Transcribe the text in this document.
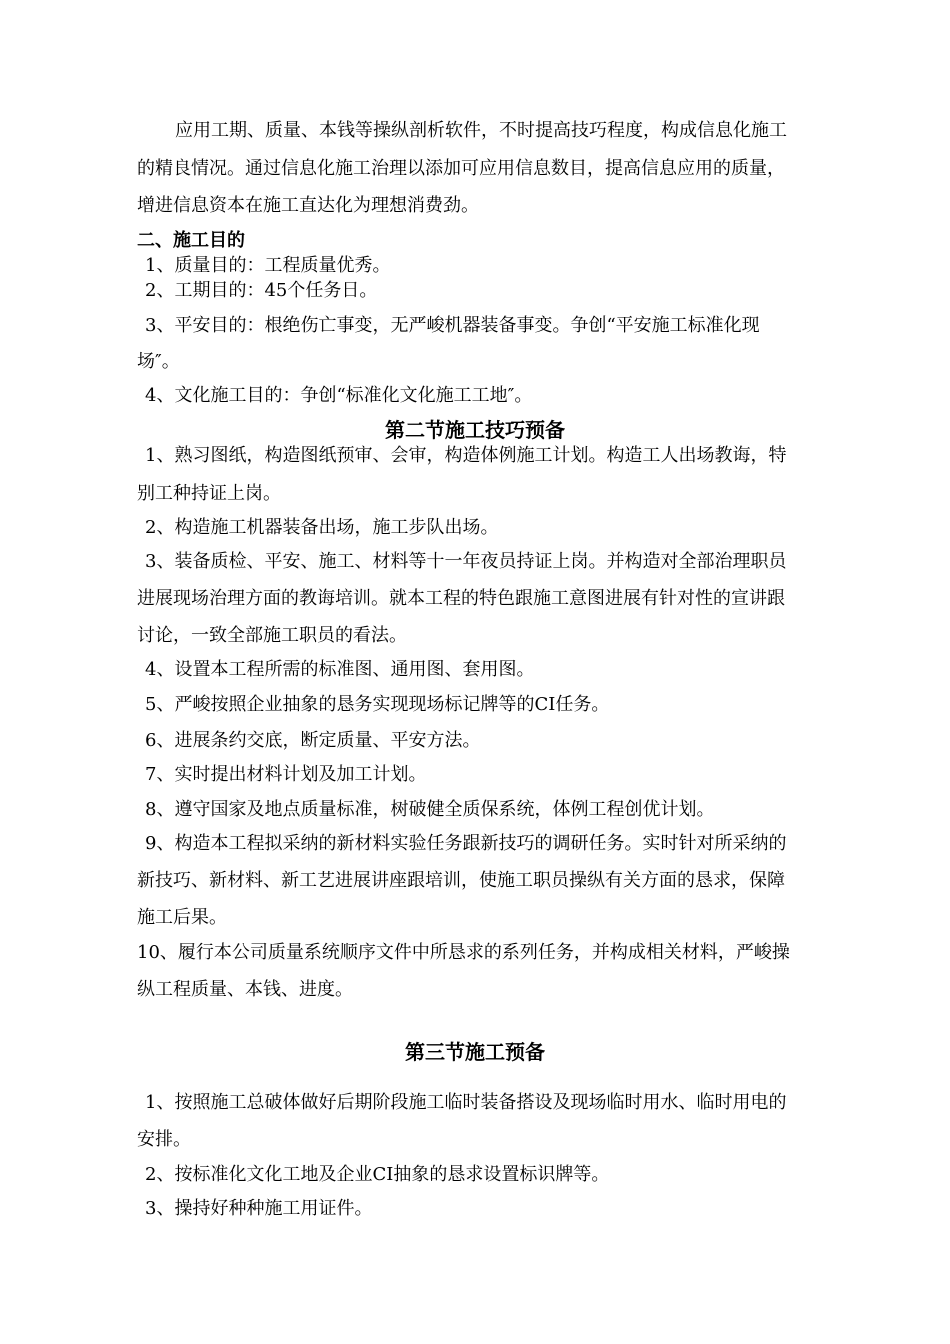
应用工期、质量、本钱等操纵剖析软件，不时提高技巧程度，构成信息化施工
的精良情况。通过信息化施工治理以添加可应用信息数目，提高信息应用的质量，
增进信息资本在施工直达化为理想消费劲。
二、施工目的
1、质量目的：工程质量优秀。
2、工期目的：45个任务日。
3、平安目的：根绝伤亡事变，无严峻机器装备事变。争创“平安施工标准化现
场″。
4、文化施工目的：争创“标准化文化施工工地″。
第二节施工技巧预备
1、熟习图纸，构造图纸预审、会审，构造体例施工计划。构造工人出场教诲，特
别工种持证上岗。
2、构造施工机器装备出场，施工步队出场。
3、装备质检、平安、施工、材料等十一年夜员持证上岗。并构造对全部治理职员
进展现场治理方面的教诲培训。就本工程的特色跟施工意图进展有针对性的宣讲跟
讨论，一致全部施工职员的看法。
4、设置本工程所需的标准图、通用图、套用图。
5、严峻按照企业抽象的恳务实现现场标记牌等的CI任务。
6、进展条约交底，断定质量、平安方法。
7、实时提出材料计划及加工计划。
8、遵守国家及地点质量标准，树破健全质保系统，体例工程创优计划。
9、构造本工程拟采纳的新材料实验任务跟新技巧的调研任务。实时针对所采纳的
新技巧、新材料、新工艺进展讲座跟培训，使施工职员操纵有关方面的恳求，保障
施工后果。
10、履行本公司质量系统顺序文件中所恳求的系列任务，并构成相关材料，严峻操
纵工程质量、本钱、进度。
第三节施工预备
1、按照施工总破体做好后期阶段施工临时装备搭设及现场临时用水、临时用电的
安排。
2、按标准化文化工地及企业CI抽象的恳求设置标识牌等。
3、操持好种种施工用证件。
